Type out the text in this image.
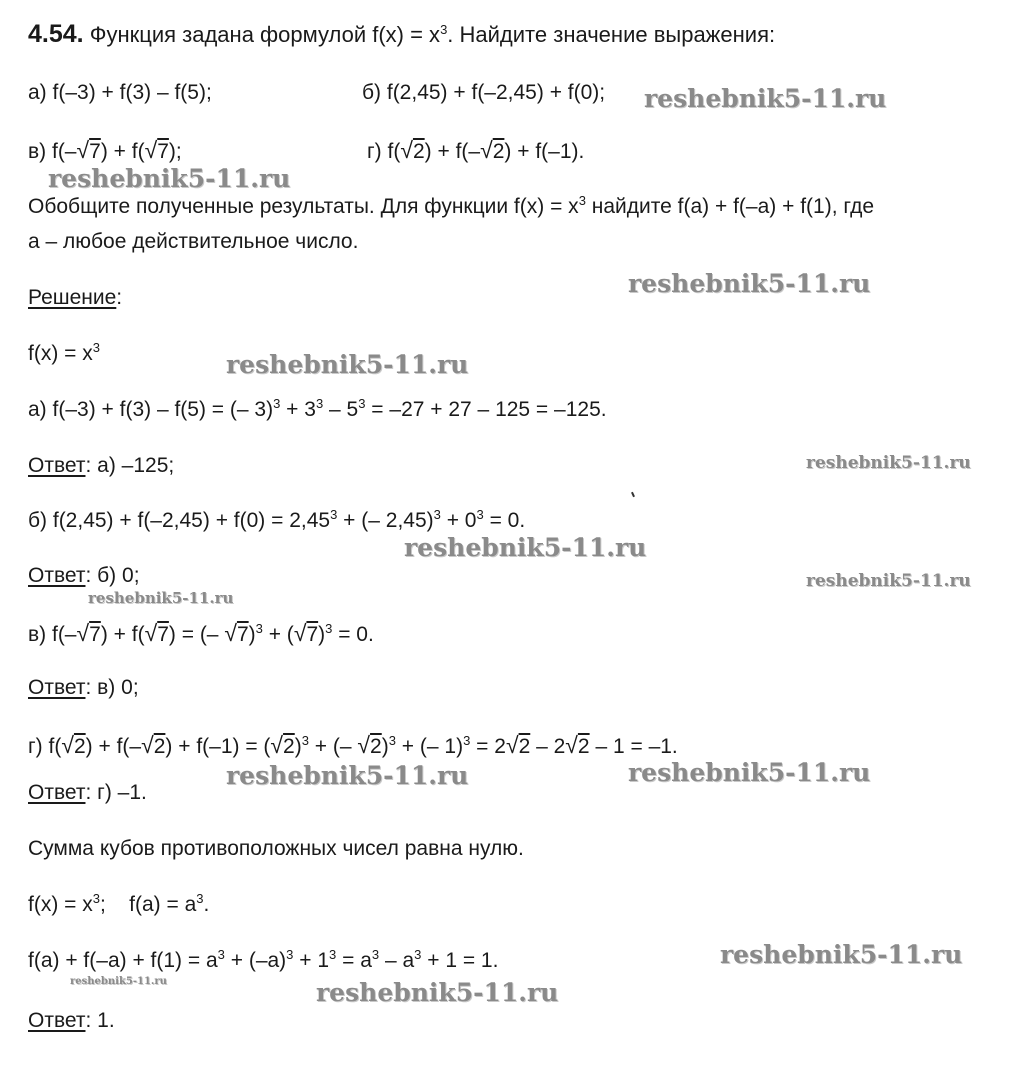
4.54. Функция задана формулой $f(x) = x^3$. Найдите значение выражения:
а) f(–3) + f(3) – f(5);	б) f(2,45) + f(–2,45) + f(0);
в) f(–√7) + f(√7);	г) f(√2) + f(–√2) + f(–1).
Обобщите полученные результаты. Для функции $f(x) = x^3$ найдите f(a) + f(–a) + f(1), где
a – любое действительное число.
Решение:
$f(x) = x^3$
а) f(–3) + f(3) – f(5) = (– $3)^3 + 3^3 - 5^3 = -27 + 27 - 125 = -125$.
Ответ: а) –125;
б) $f(2,45) + f(-2,45) + f(0) = 2,45^3$ + (– $2,45)^3 + 0^3 = 0$.
Ответ: б) 0;
в) f(–√7) + f(√7) = (– $√7)^3 + (√7)^3 = 0$.
Ответ: в) 0;
г) $f(√2) + f(-√2) + f(-1) = (√2)^3$ + (– √2)$^3$ + (– 1)$^3$ = 2√2 – 2√2 – 1 = –1.
Ответ: г) –1.
Сумма кубов противоположных чисел равна нулю.
$f(x) = x^3$;    $f(a) = a^3$.
$f(a) + f(-a) + f(1) = a^3 + (-a)^3 + 1^3 = a^3 - a^3 + 1 = 1$.
Ответ: 1.
reshebnik5-11.ru
reshebnik5-11.ru
reshebnik5-11.ru
reshebnik5-11.ru
reshebnik5-11.ru
reshebnik5-11.ru
reshebnik5-11.ru
reshebnik5-11.ru
reshebnik5-11.ru	reshebnik5-11.ru
reshebnik5-11.ru
reshebnik5-11.ru	reshebnik5-11.ru
